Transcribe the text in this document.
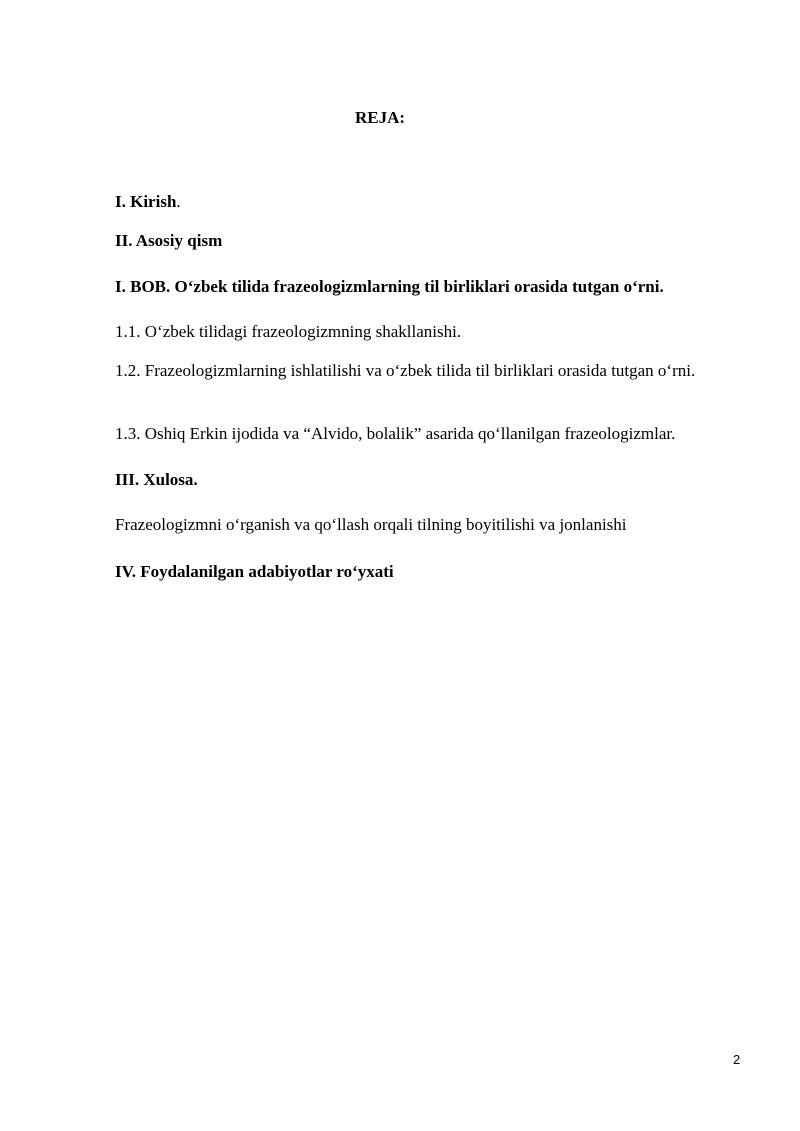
REJA:
I. Kirish.
II. Asosiy qism
I. BOB. O‘zbek tilida frazeologizmlarning til birliklari orasida tutgan o‘rni.
1.1. O‘zbek tilidagi frazeologizmning shakllanishi.
1.2. Frazeologizmlarning ishlatilishi va o‘zbek tilida til birliklari orasida tutgan o‘rni.
1.3. Oshiq Erkin ijodida va “Alvido, bolalik” asarida qo‘llanilgan frazeologizmlar.
III. Xulosa.
Frazeologizmni o‘rganish va qo‘llash orqali tilning boyitilishi va jonlanishi
IV. Foydalanilgan adabiyotlar ro‘yxati
2
